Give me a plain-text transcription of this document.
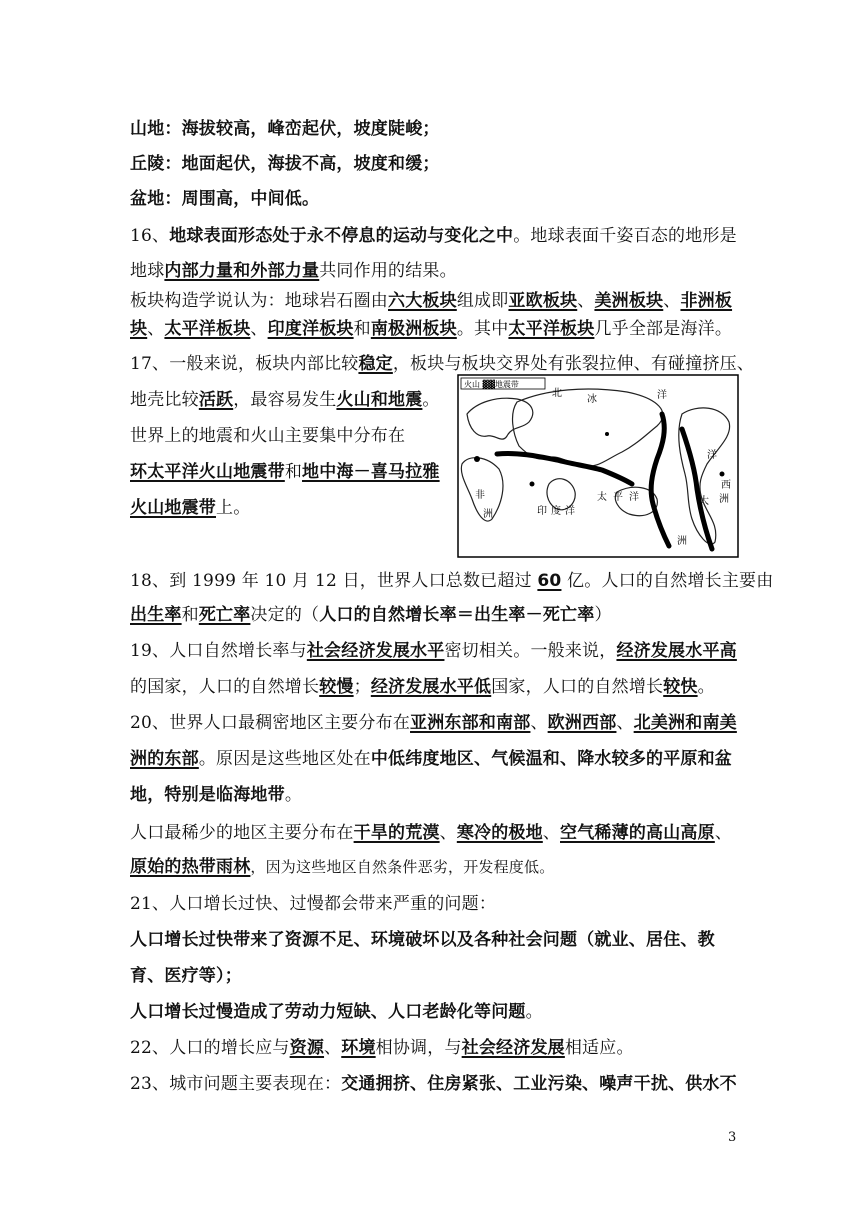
山地：海拔较高，峰峦起伏，坡度陡峻；
丘陵：地面起伏，海拔不高，坡度和缓；
盆地：周围高，中间低。
16、地球表面形态处于永不停息的运动与变化之中。地球表面千姿百态的地形是
地球内部力量和外部力量共同作用的结果。
板块构造学说认为：地球岩石圈由六大板块组成即亚欧板块、美洲板块、非洲板
块、太平洋板块、印度洋板块和南极洲板块。其中太平洋板块几乎全部是海洋。
17、一般来说，板块内部比较稳定，板块与板块交界处有张裂拉伸、有碰撞挤压、
地壳比较活跃，最容易发生火山和地震。
世界上的地震和火山主要集中分布在
环太平洋火山地震带和地中海－喜马拉雅
火山地震带上。
18、到 1999 年 10 月 12 日，世界人口总数已超过 60 亿。人口的自然增长主要由
出生率和死亡率决定的（人口的自然增长率＝出生率－死亡率）
19、人口自然增长率与社会经济发展水平密切相关。一般来说，经济发展水平高
的国家，人口的自然增长较慢；经济发展水平低国家，人口的自然增长较快。
20、世界人口最稠密地区主要分布在亚洲东部和南部、欧洲西部、北美洲和南美
洲的东部。原因是这些地区处在中低纬度地区、气候温和、降水较多的平原和盆
地，特别是临海地带。
人口最稀少的地区主要分布在干旱的荒漠、寒冷的极地、空气稀薄的高山高原、
原始的热带雨林，因为这些地区自然条件恶劣，开发程度低。
21、人口增长过快、过慢都会带来严重的问题：
人口增长过快带来了资源不足、环境破坏以及各种社会问题（就业、居住、教
育、医疗等）；
人口增长过慢造成了劳动力短缺、人口老龄化等问题。
22、人口的增长应与资源、环境相协调，与社会经济发展相适应。
23、城市问题主要表现在：交通拥挤、住房紧张、工业污染、噪声干扰、供水不
火山 ▓▓地震带
北
冰	洋
洋
非
洲	印 度 洋
太 平 洋	大
西
洲
洲
3
